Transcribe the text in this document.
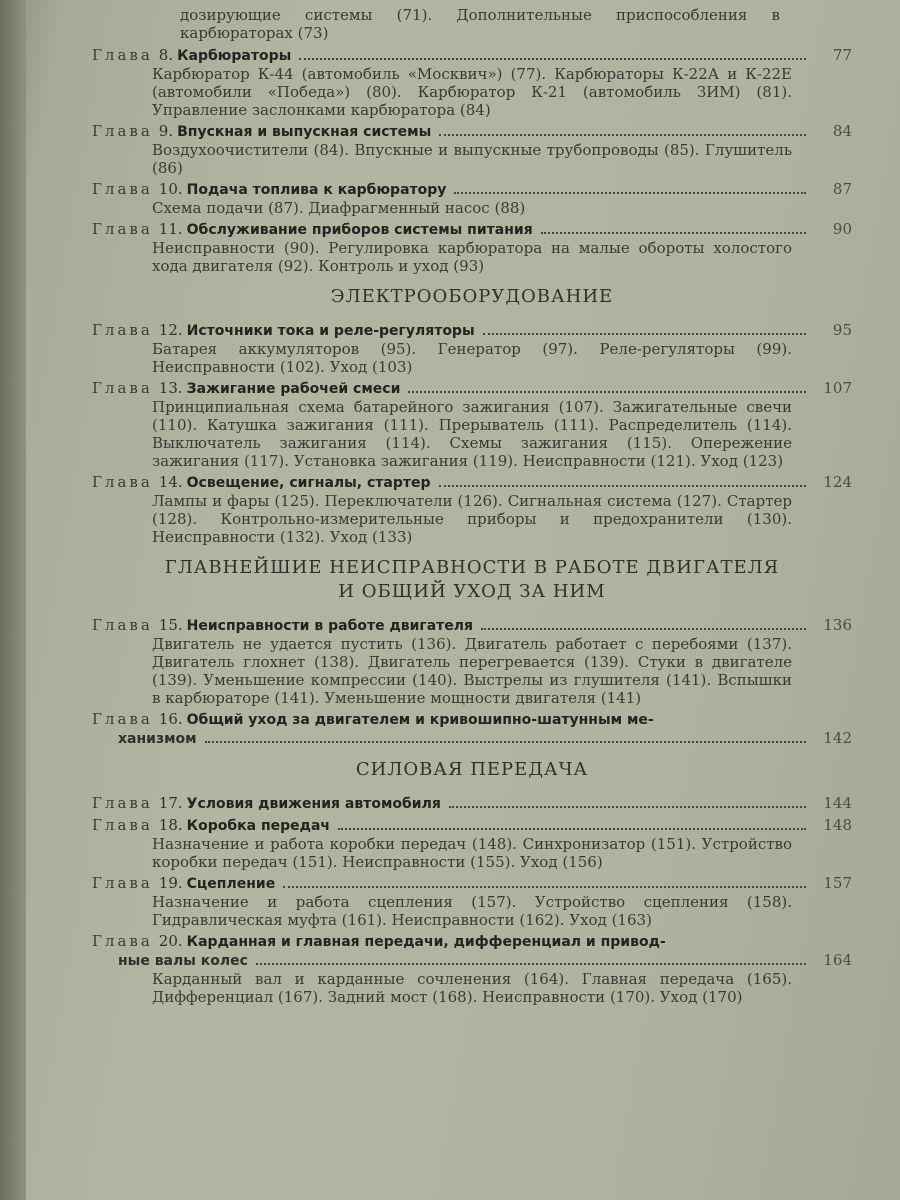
дозирующие системы (71). Дополнительные приспособления в карбюраторах (73)
Глава 8. Карбюраторы	77
Карбюратор К-44 (автомобиль «Москвич») (77). Карбюраторы К-22А и К-22Е (автомобили «Победа») (80). Карбюратор К-21 (автомобиль ЗИМ) (81). Управление заслонками карбюратора (84)
Глава 9. Впускная и выпускная системы	84
Воздухоочистители (84). Впускные и выпускные трубопроводы (85). Глушитель (86)
Глава 10. Подача топлива к карбюратору	87
Схема подачи (87). Диафрагменный насос (88)
Глава 11. Обслуживание приборов системы питания	90
Неисправности (90). Регулировка карбюратора на малые обороты холостого хода двигателя (92). Контроль и уход (93)
ЭЛЕКТРООБОРУДОВАНИЕ
Глава 12. Источники тока и реле-регуляторы	95
Батарея аккумуляторов (95). Генератор (97). Реле-регуляторы (99). Неисправности (102). Уход (103)
Глава 13. Зажигание рабочей смеси	107
Принципиальная схема батарейного зажигания (107). Зажигательные свечи (110). Катушка зажигания (111). Прерыватель (111). Распределитель (114). Выключатель зажигания (114). Схемы зажигания (115). Опережение зажигания (117). Установка зажигания (119). Неисправности (121). Уход (123)
Глава 14. Освещение, сигналы, стартер	124
Лампы и фары (125). Переключатели (126). Сигнальная система (127). Стартер (128). Контрольно-измерительные приборы и предохранители (130). Неисправности (132). Уход (133)
ГЛАВНЕЙШИЕ НЕИСПРАВНОСТИ В РАБОТЕ ДВИГАТЕЛЯ
И ОБЩИЙ УХОД ЗА НИМ
Глава 15. Неисправности в работе двигателя	136
Двигатель не удается пустить (136). Двигатель работает с перебоями (137). Двигатель глохнет (138). Двигатель перегревается (139). Стуки в двигателе (139). Уменьшение компрессии (140). Выстрелы из глушителя (141). Вспышки в карбюраторе (141). Уменьшение мощности двигателя (141)
Глава 16. Общий уход за двигателем и кривошипно-шатунным ме-
ханизмом	142
СИЛОВАЯ ПЕРЕДАЧА
Глава 17. Условия движения автомобиля	144
Глава 18. Коробка передач	148
Назначение и работа коробки передач (148). Синхронизатор (151). Устройство коробки передач (151). Неисправности (155). Уход (156)
Глава 19. Сцепление	157
Назначение и работа сцепления (157). Устройство сцепления (158). Гидравлическая муфта (161). Неисправности (162). Уход (163)
Глава 20. Карданная и главная передачи, дифференциал и привод-
ные валы колес	164
Карданный вал и карданные сочленения (164). Главная передача (165). Дифференциал (167). Задний мост (168). Неисправности (170). Уход (170)
